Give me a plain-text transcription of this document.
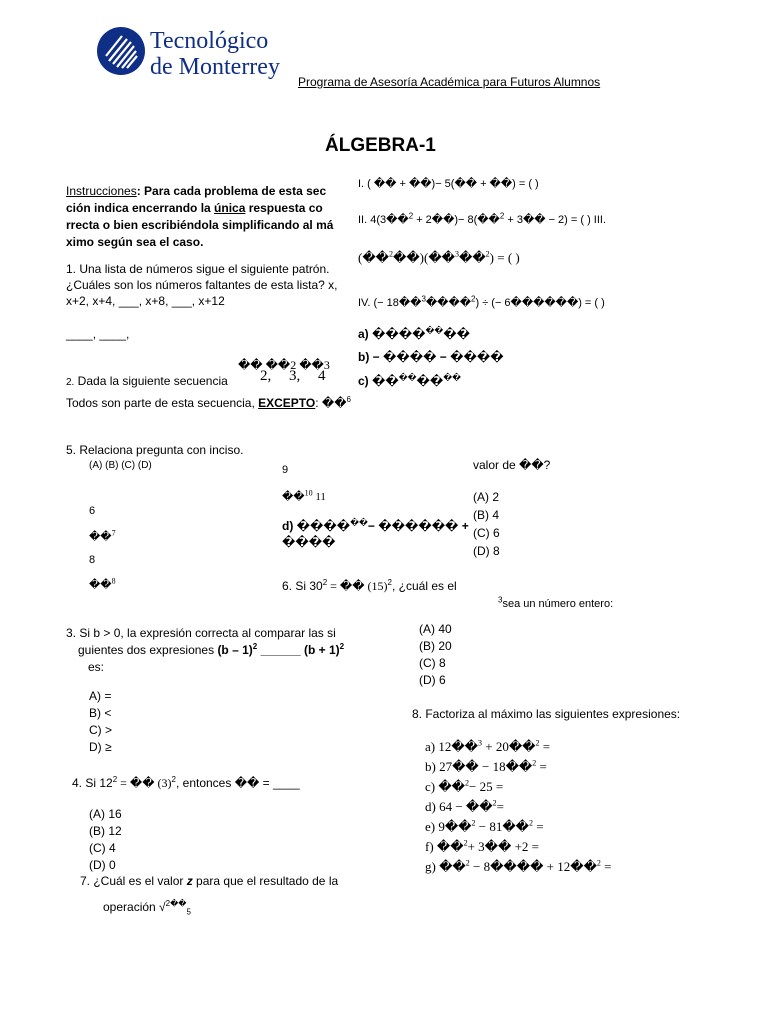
Tecnológico
de Monterrey
Programa de Asesoría Académica para Futuros Alumnos
ÁLGEBRA-1
Instrucciones: Para cada problema de esta sec
ción indica encerrando la única respuesta co
rrecta o bien escribiéndola simplificando al má
ximo según sea el caso.
1. Una lista de números sigue el siguiente patrón.
¿Cuáles son los números faltantes de esta lista? x,
x+2, x+4, ___, x+8, ___, x+12
____, ____,
�� ��2 ��3
2, 3, 4
2. Dada la siguiente secuencia
Todos son parte de esta secuencia, EXCEPTO: ��$^6$
I. ( �� + ��)− 5(�� + ��) = ( )
II. 4(3��$^2$ + 2��)− 8(��$^2$ + 3�� − 2) = ( ) III.
(��$^2$��)(��$^3$��$^2$) = ( )
IV. (− 18��$^3$����$^2$) ÷ (− 6������) = ( )
a) ��������
b) − ���� − ����
c) ��������
5. Relaciona pregunta con inciso.
(A) (B) (C) (D)	9
��$^{10}$ 11
6
��$^7$
8
��$^8$
d) ������− ������ +
����
valor de ��?
(A) 2
(B) 4
(C) 6
(D) 8
6. Si $30^2$ = �� $(15)^2$, ¿cuál es el
$^3$sea un número entero:
3. Si b > 0, la expresión correcta al comparar las si
guientes dos expresiones (b – 1)$^2$ ______ $(b + 1)^2$
es:
A) =
B) <
C) >
D) ≥
(A) 40
(B) 20
(C) 8
(D) 6
4. Si $12^2$ = �� $(3)^2$, entonces �� = ____
(A) 16
(B) 12
(C) 4
(D) 0
7. ¿Cuál es el valor z para que el resultado de la
operación √$^{2��}_5$
8. Factoriza al máximo las siguientes expresiones:
a) 12��$^3$ + 20��$^2$ =
b) 27�� − 18��$^2$ =
c) ��$^2$− 25 =
d) 64 − ��$^2$=
e) 9��$^2$ − 81��$^2$ =
f) ��$^2$+ 3�� +2 =
g) ��$^2$ − 8���� + 12��$^2$ =
